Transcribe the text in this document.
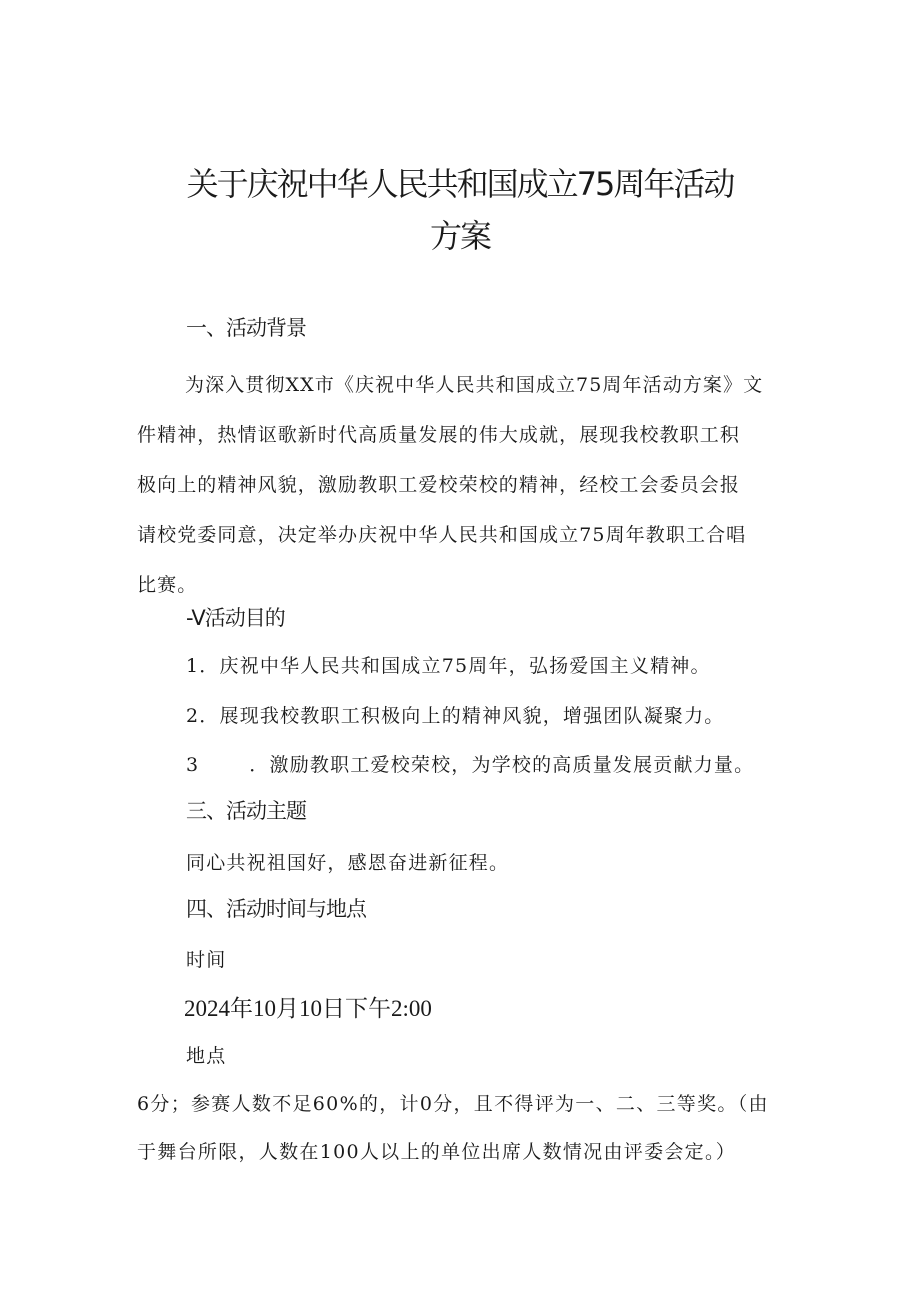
关于庆祝中华人民共和国成立75周年活动
方案
一、活动背景
为深入贯彻XX市《庆祝中华人民共和国成立75周年活动方案》文
件精神，热情讴歌新时代高质量发展的伟大成就，展现我校教职工积
极向上的精神风貌，激励教职工爱校荣校的精神，经校工会委员会报
请校党委同意，决定举办庆祝中华人民共和国成立75周年教职工合唱
比赛。
-V活动目的
1．庆祝中华人民共和国成立75周年，弘扬爱国主义精神。
2．展现我校教职工积极向上的精神风貌，增强团队凝聚力。
3	．激励教职工爱校荣校，为学校的高质量发展贡献力量。
三、活动主题
同心共祝祖国好，感恩奋进新征程。
四、活动时间与地点
时间
2024年10月10日下午2:00
地点
6分；参赛人数不足60%的，计0分，且不得评为一、二、三等奖。（由
于舞台所限，人数在100人以上的单位出席人数情况由评委会定。）
